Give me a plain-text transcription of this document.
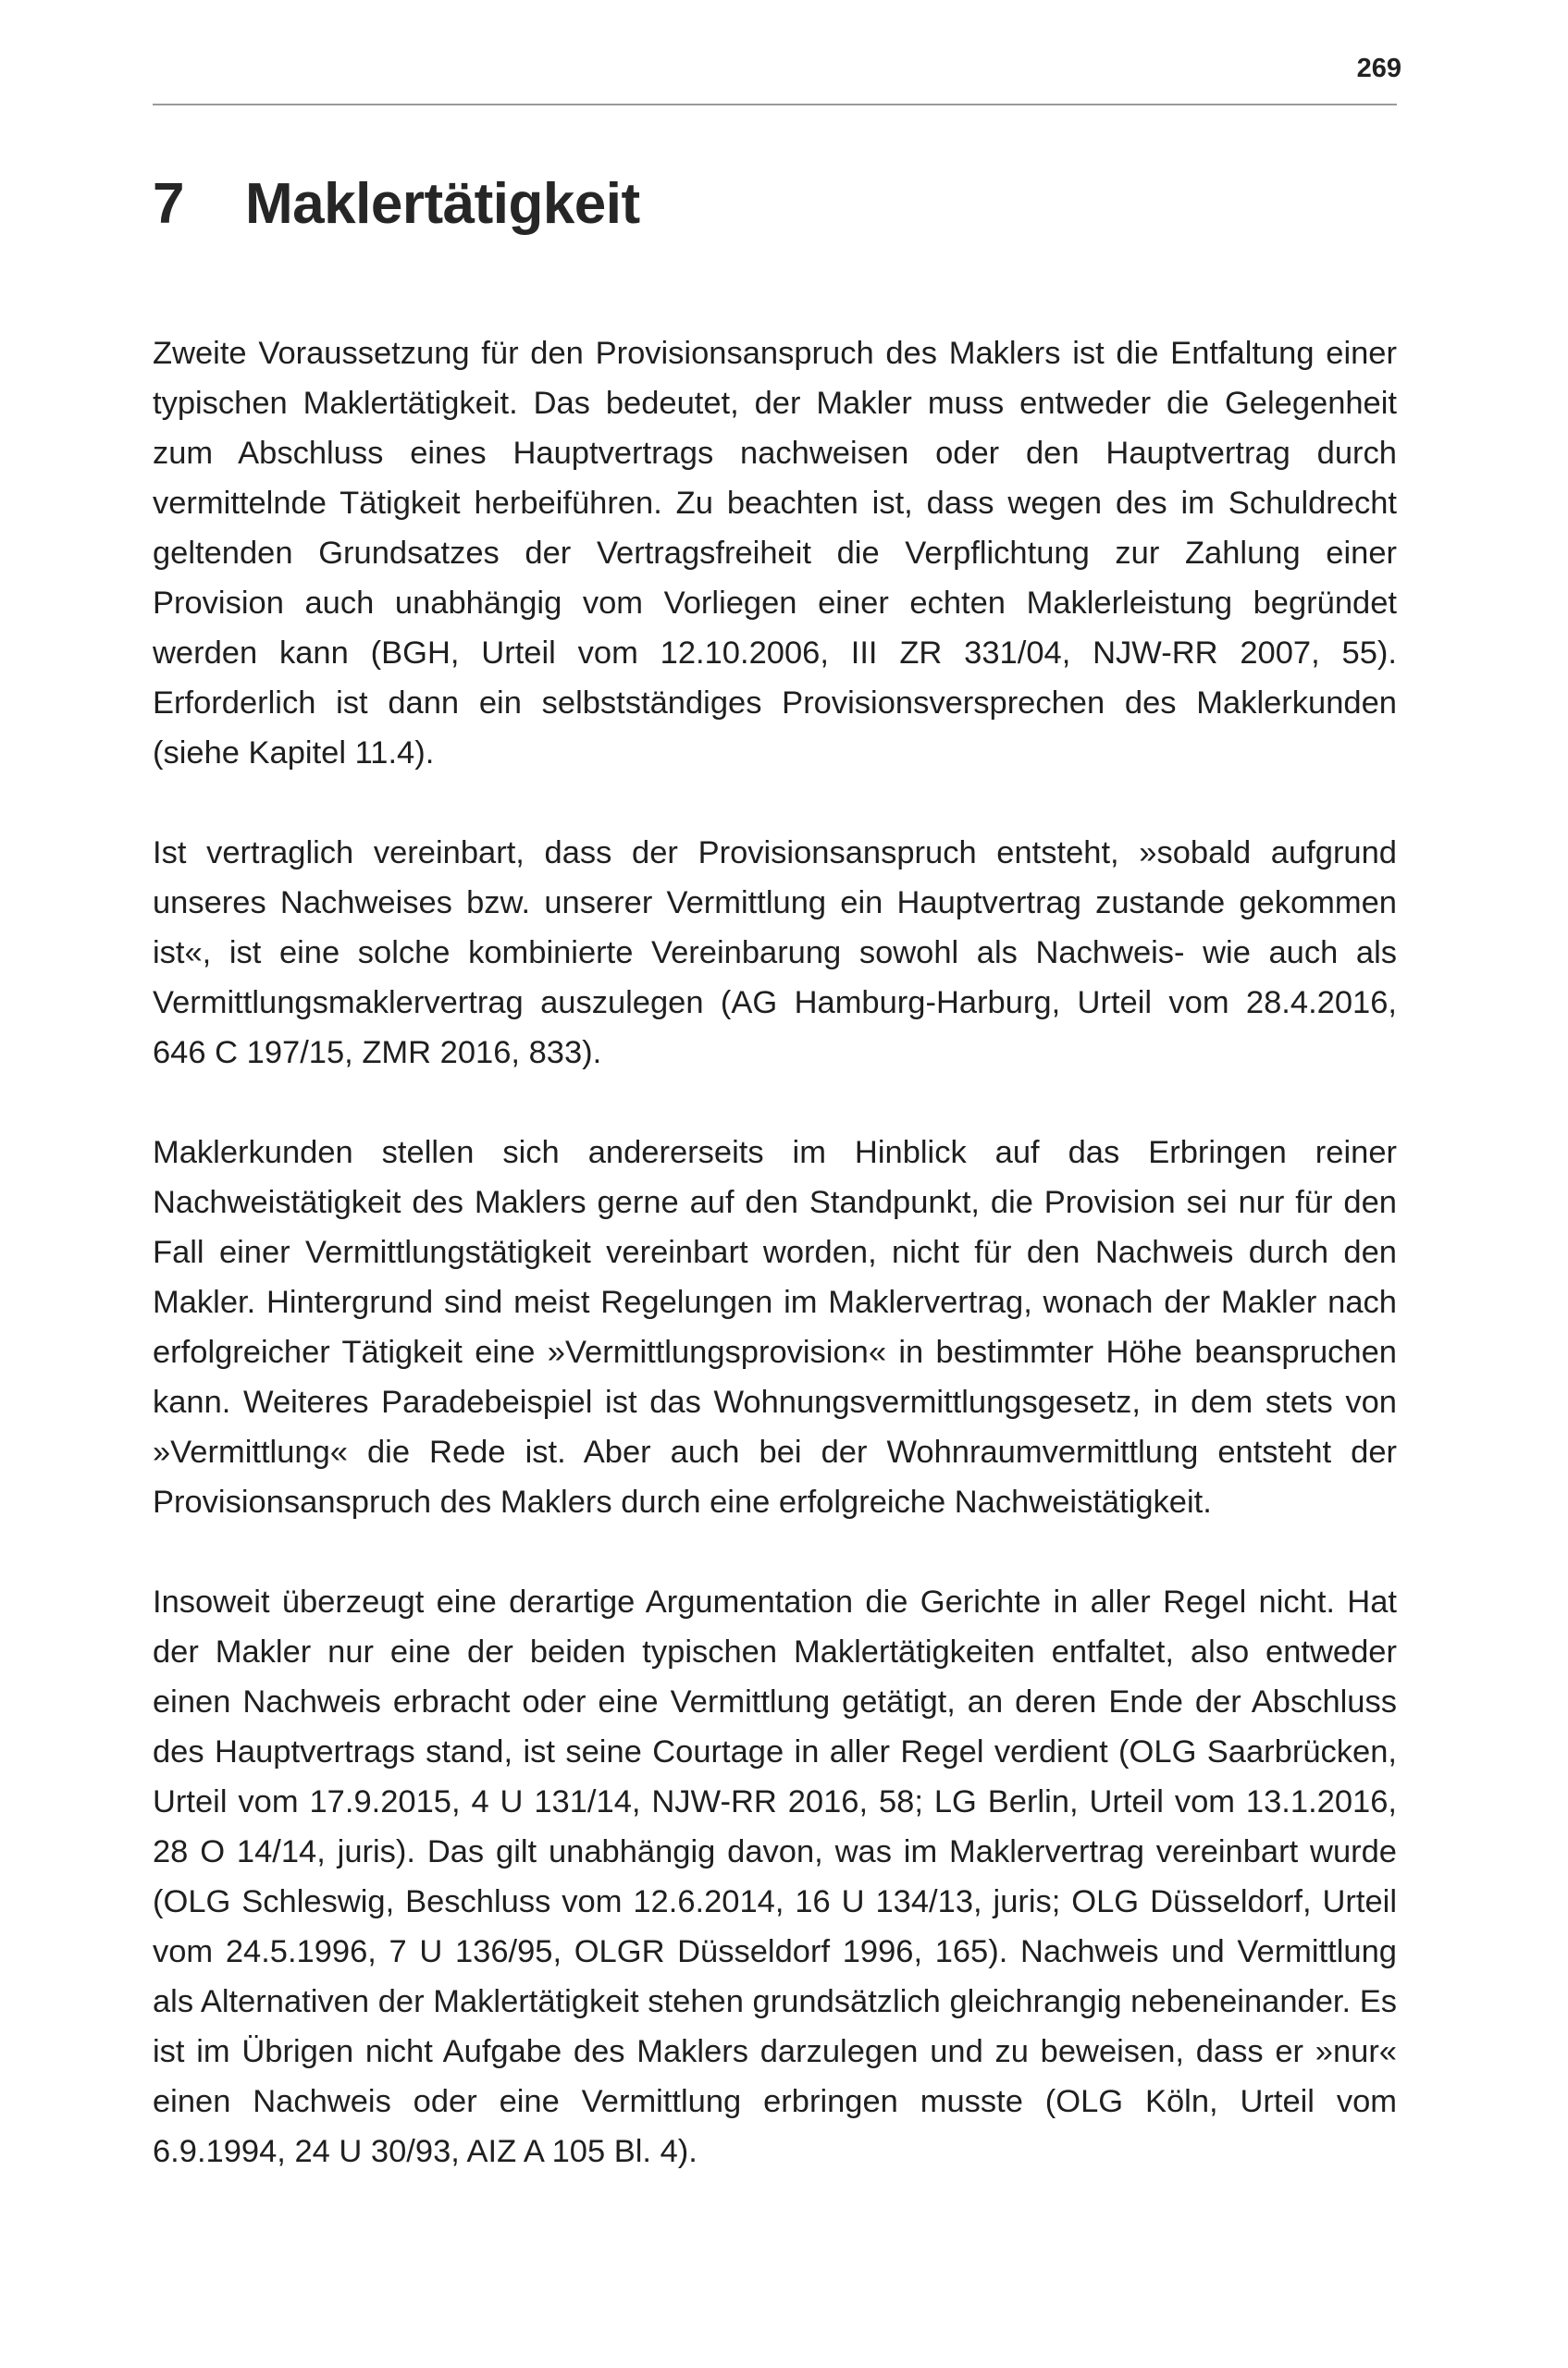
269
7 Maklertätigkeit

Zweite Voraussetzung für den Provisionsanspruch des Maklers ist die Entfaltung einer typischen Maklertätigkeit. Das bedeutet, der Makler muss entweder die Gelegenheit zum Abschluss eines Hauptvertrags nachweisen oder den Hauptvertrag durch vermittelnde Tätigkeit herbeiführen. Zu beachten ist, dass wegen des im Schuldrecht geltenden Grundsatzes der Vertragsfreiheit die Verpflichtung zur Zahlung einer Provision auch unabhängig vom Vorliegen einer echten Maklerleistung begründet werden kann (BGH, Urteil vom 12.10.2006, III ZR 331/04, NJW-RR 2007, 55). Erforderlich ist dann ein selbstständiges Provisionsversprechen des Maklerkunden (siehe Kapitel 11.4).

Ist vertraglich vereinbart, dass der Provisionsanspruch entsteht, »sobald aufgrund unseres Nachweises bzw. unserer Vermittlung ein Hauptvertrag zustande gekommen ist«, ist eine solche kombinierte Vereinbarung sowohl als Nachweis- wie auch als Vermittlungsmaklervertrag auszulegen (AG Hamburg-Harburg, Urteil vom 28.4.2016, 646 C 197/15, ZMR 2016, 833).

Maklerkunden stellen sich andererseits im Hinblick auf das Erbringen reiner Nachweistätigkeit des Maklers gerne auf den Standpunkt, die Provision sei nur für den Fall einer Vermittlungstätigkeit vereinbart worden, nicht für den Nachweis durch den Makler. Hintergrund sind meist Regelungen im Maklervertrag, wonach der Makler nach erfolgreicher Tätigkeit eine »Vermittlungsprovision« in bestimmter Höhe beanspruchen kann. Weiteres Paradebeispiel ist das Wohnungsvermittlungsgesetz, in dem stets von »Vermittlung« die Rede ist. Aber auch bei der Wohnraumvermittlung entsteht der Provisionsanspruch des Maklers durch eine erfolgreiche Nachweistätigkeit.

Insoweit überzeugt eine derartige Argumentation die Gerichte in aller Regel nicht. Hat der Makler nur eine der beiden typischen Maklertätigkeiten entfaltet, also entweder einen Nachweis erbracht oder eine Vermittlung getätigt, an deren Ende der Abschluss des Hauptvertrags stand, ist seine Courtage in aller Regel verdient (OLG Saarbrücken, Urteil vom 17.9.2015, 4 U 131/14, NJW-RR 2016, 58; LG Berlin, Urteil vom 13.1.2016, 28 O 14/14, juris). Das gilt unabhängig davon, was im Maklervertrag vereinbart wurde (OLG Schleswig, Beschluss vom 12.6.2014, 16 U 134/13, juris; OLG Düsseldorf, Urteil vom 24.5.1996, 7 U 136/95, OLGR Düsseldorf 1996, 165). Nachweis und Vermittlung als Alternativen der Maklertätigkeit stehen grundsätzlich gleichrangig nebeneinander. Es ist im Übrigen nicht Aufgabe des Maklers darzulegen und zu beweisen, dass er »nur« einen Nachweis oder eine Vermittlung erbringen musste (OLG Köln, Urteil vom 6.9.1994, 24 U 30/93, AIZ A 105 Bl. 4).
